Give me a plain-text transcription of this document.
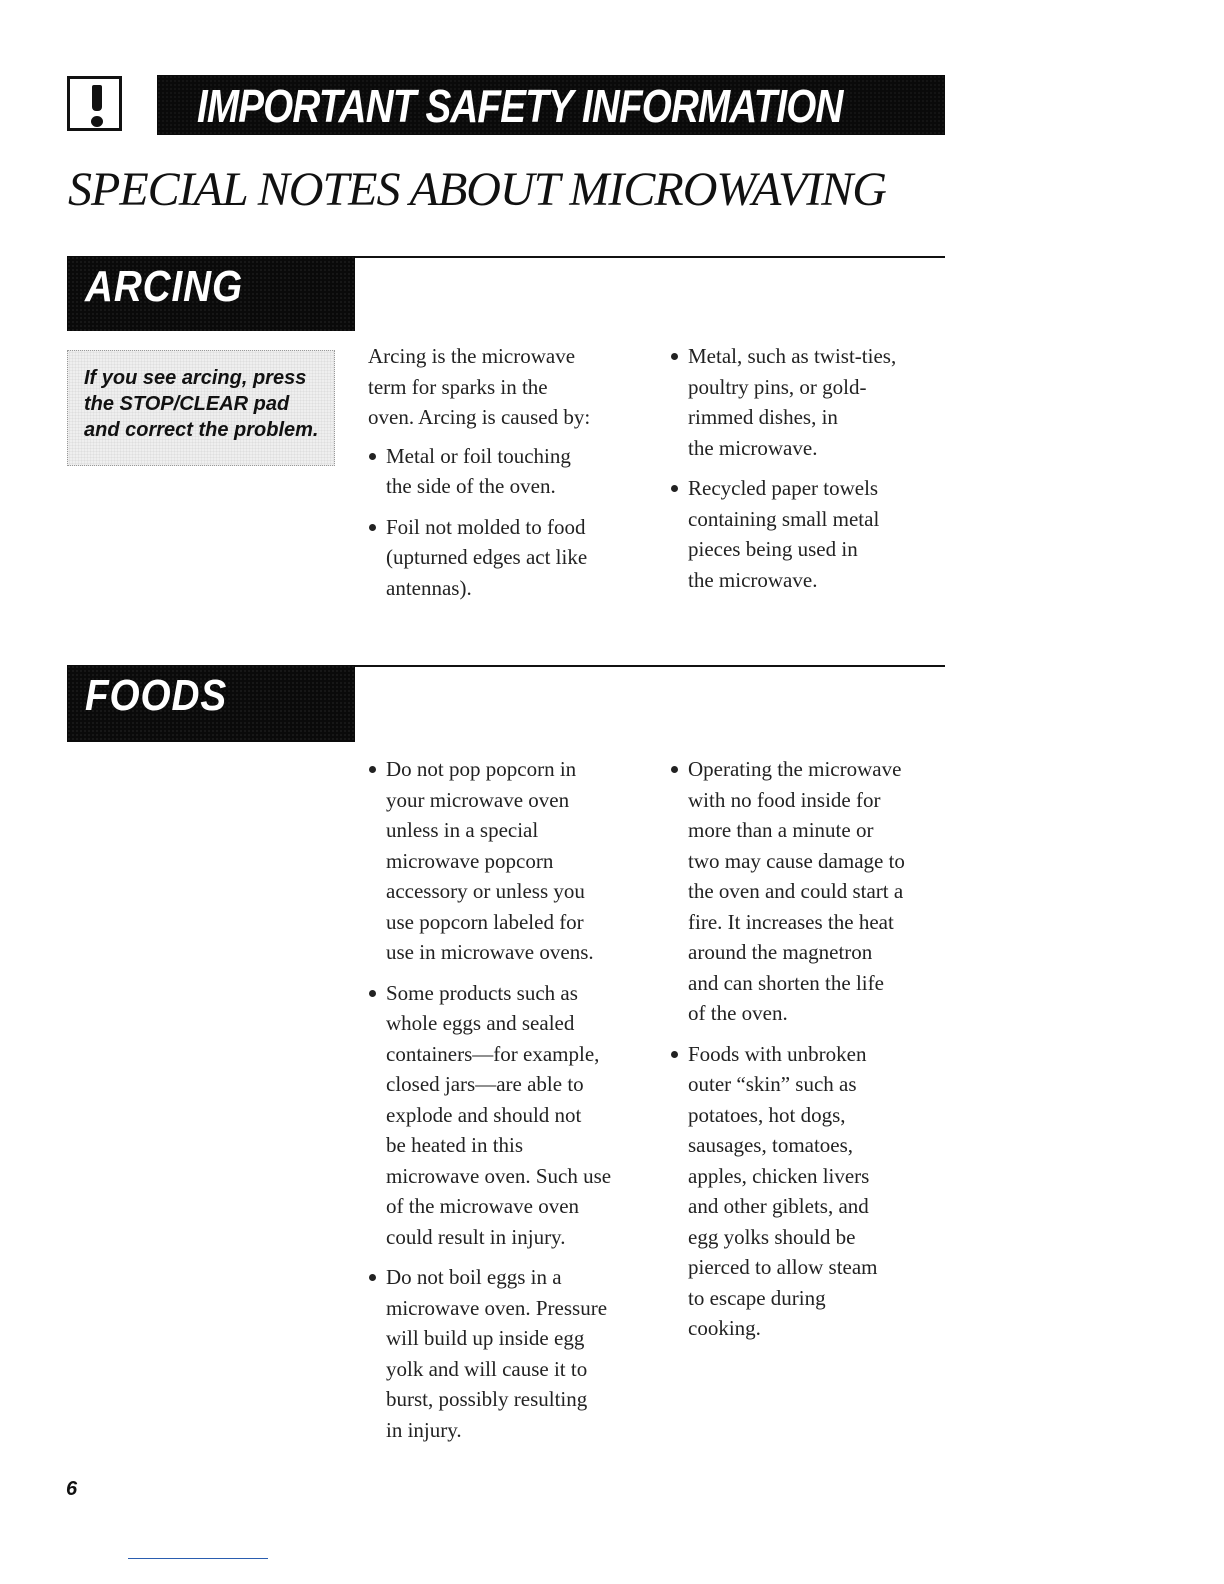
IMPORTANT SAFETY INFORMATION
SPECIAL NOTES ABOUT MICROWAVING
ARCING
If you see arcing, press
the STOP/CLEAR pad
and correct the problem.
Arcing is the microwave
term for sparks in the
oven. Arcing is caused by:
Metal or foil touching
the side of the oven.
Foil not molded to food
(upturned edges act like
antennas).
Metal, such as twist-ties,
poultry pins, or gold-
rimmed dishes, in
the microwave.
Recycled paper towels
containing small metal
pieces being used in
the microwave.
FOODS
Do not pop popcorn in
your microwave oven
unless in a special
microwave popcorn
accessory or unless you
use popcorn labeled for
use in microwave ovens.
Some products such as
whole eggs and sealed
containers—for example,
closed jars—are able to
explode and should not
be heated in this
microwave oven. Such use
of the microwave oven
could result in injury.
Do not boil eggs in a
microwave oven. Pressure
will build up inside egg
yolk and will cause it to
burst, possibly resulting
in injury.
Operating the microwave
with no food inside for
more than a minute or
two may cause damage to
the oven and could start a
fire. It increases the heat
around the magnetron
and can shorten the life
of the oven.
Foods with unbroken
outer “skin” such as
potatoes, hot dogs,
sausages, tomatoes,
apples, chicken livers
and other giblets, and
egg yolks should be
pierced to allow steam
to escape during
cooking.
6
